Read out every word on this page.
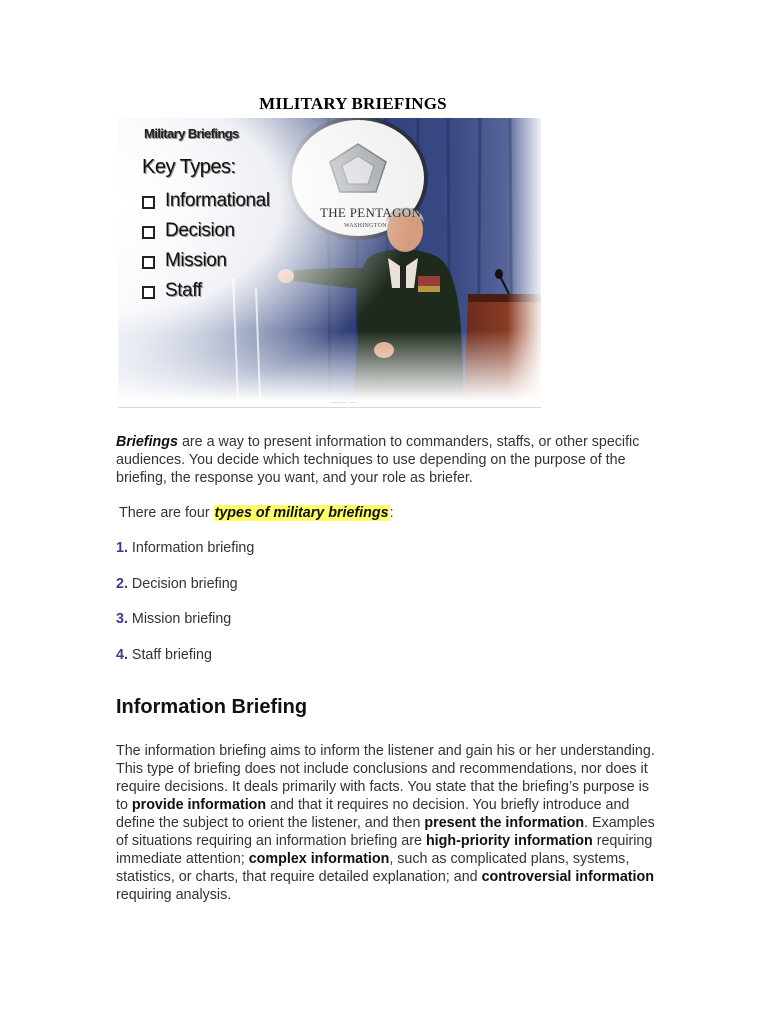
MILITARY BRIEFINGS
THE PENTAGON
WASHINGTON
Military Briefings
Key Types:
Informational
Decision
Mission
Staff
———— · ——
Briefings are a way to present information to commanders, staffs, or other specific audiences. You decide which techniques to use depending on the purpose of the briefing, the response you want, and your role as briefer.
There are four types of military briefings:
1. Information briefing
2. Decision briefing
3. Mission briefing
4. Staff briefing
Information Briefing
The information briefing aims to inform the listener and gain his or her understanding.
This type of briefing does not include conclusions and recommendations, nor does it require decisions. It deals primarily with facts. You state that the briefing’s purpose is to provide information and that it requires no decision. You briefly introduce and define the subject to orient the listener, and then present the information. Examples of situations requiring an information briefing are high-priority information requiring immediate attention; complex information, such as complicated plans, systems, statistics, or charts, that require detailed explanation; and controversial information requiring analysis.
